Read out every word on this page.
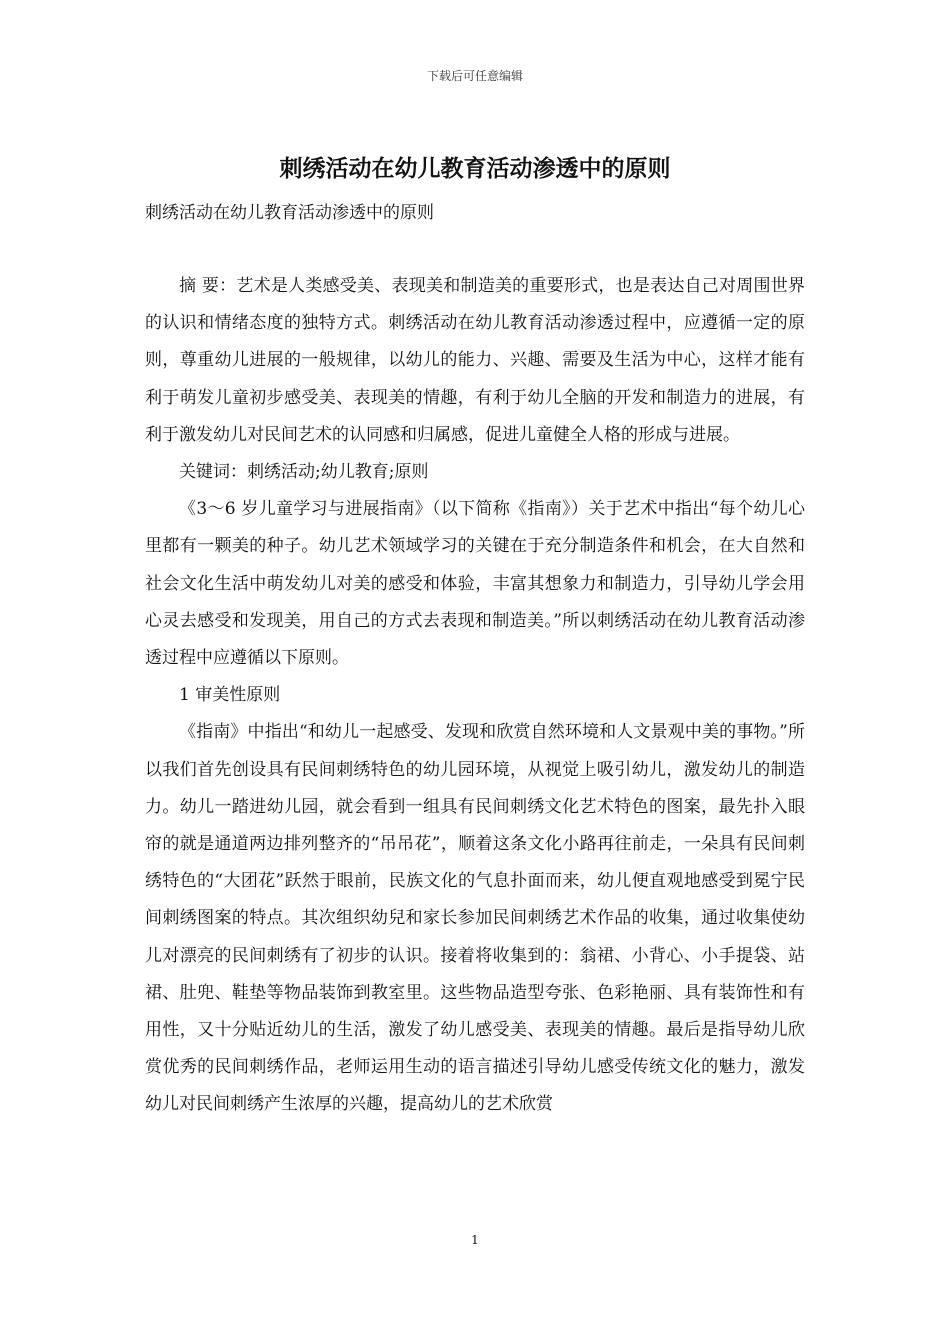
下载后可任意编辑
刺绣活动在幼儿教育活动渗透中的原则

刺绣活动在幼儿教育活动渗透中的原则

摘 要：艺术是人类感受美、表现美和制造美的重要形式，也是表达自己对周围世界的认识和情绪态度的独特方式。刺绣活动在幼儿教育活动渗透过程中，应遵循一定的原则，尊重幼儿进展的一般规律，以幼儿的能力、兴趣、需要及生活为中心，这样才能有利于萌发儿童初步感受美、表现美的情趣，有利于幼儿全脑的开发和制造力的进展，有利于激发幼儿对民间艺术的认同感和归属感，促进儿童健全人格的形成与进展。

关键词：刺绣活动;幼儿教育;原则

《3～6 岁儿童学习与进展指南》（以下简称《指南》）关于艺术中指出“每个幼儿心里都有一颗美的种子。幼儿艺术领域学习的关键在于充分制造条件和机会，在大自然和社会文化生活中萌发幼儿对美的感受和体验，丰富其想象力和制造力，引导幼儿学会用心灵去感受和发现美，用自己的方式去表现和制造美。”所以刺绣活动在幼儿教育活动渗透过程中应遵循以下原则。

1 审美性原则

《指南》中指出“和幼儿一起感受、发现和欣赏自然环境和人文景观中美的事物。”所以我们首先创设具有民间刺绣特色的幼儿园环境，从视觉上吸引幼儿，激发幼儿的制造力。幼儿一踏进幼儿园，就会看到一组具有民间刺绣文化艺术特色的图案，最先扑入眼帘的就是通道两边排列整齐的“吊吊花”，顺着这条文化小路再往前走，一朵具有民间刺绣特色的“大团花”跃然于眼前，民族文化的气息扑面而来，幼儿便直观地感受到冕宁民间刺绣图案的特点。其次组织幼兒和家长参加民间刺绣艺术作品的收集，通过收集使幼儿对漂亮的民间刺绣有了初步的认识。接着将收集到的：翁裙、小背心、小手提袋、站裙、肚兜、鞋垫等物品装饰到教室里。这些物品造型夸张、色彩艳丽、具有装饰性和有用性，又十分贴近幼儿的生活，激发了幼儿感受美、表现美的情趣。最后是指导幼儿欣赏优秀的民间刺绣作品，老师运用生动的语言描述引导幼儿感受传统文化的魅力，激发幼儿对民间刺绣产生浓厚的兴趣，提高幼儿的艺术欣赏

1
